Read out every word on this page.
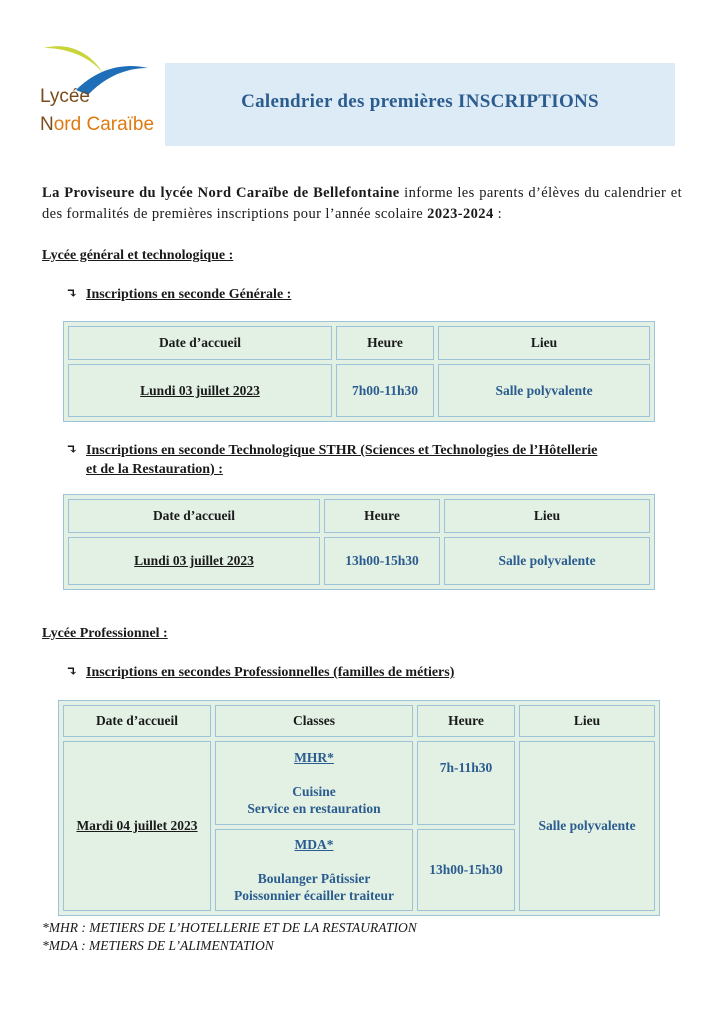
Lycée
Nord Caraïbe
Calendrier des premières INSCRIPTIONS
La Proviseure du lycée Nord Caraïbe de Bellefontaine informe les parents d’élèves du calendrier et des formalités de premières inscriptions pour l’année scolaire 2023-2024 :
Lycée général et technologique :
↴ Inscriptions en seconde Générale :
Date d’accueil	Heure	Lieu
Lundi 03 juillet 2023	7h00-11h30	Salle polyvalente
↴ Inscriptions en seconde Technologique STHR (Sciences et Technologies de l’Hôtellerie
et de la Restauration) :
Date d’accueil	Heure	Lieu
Lundi 03 juillet 2023	13h00-15h30	Salle polyvalente
Lycée Professionnel :
↴ Inscriptions en secondes Professionnelles (familles de métiers)
Date d’accueil	Classes	Heure	Lieu
Mardi 04 juillet 2023	MHR*

Cuisine
Service en restauration	7h-11h30	Salle polyvalente
	MDA*

Boulanger Pâtissier
Poissonnier écailler traiteur	13h00-15h30	
*MHR : METIERS DE L’HOTELLERIE ET DE LA RESTAURATION
*MDA : METIERS DE L’ALIMENTATION
